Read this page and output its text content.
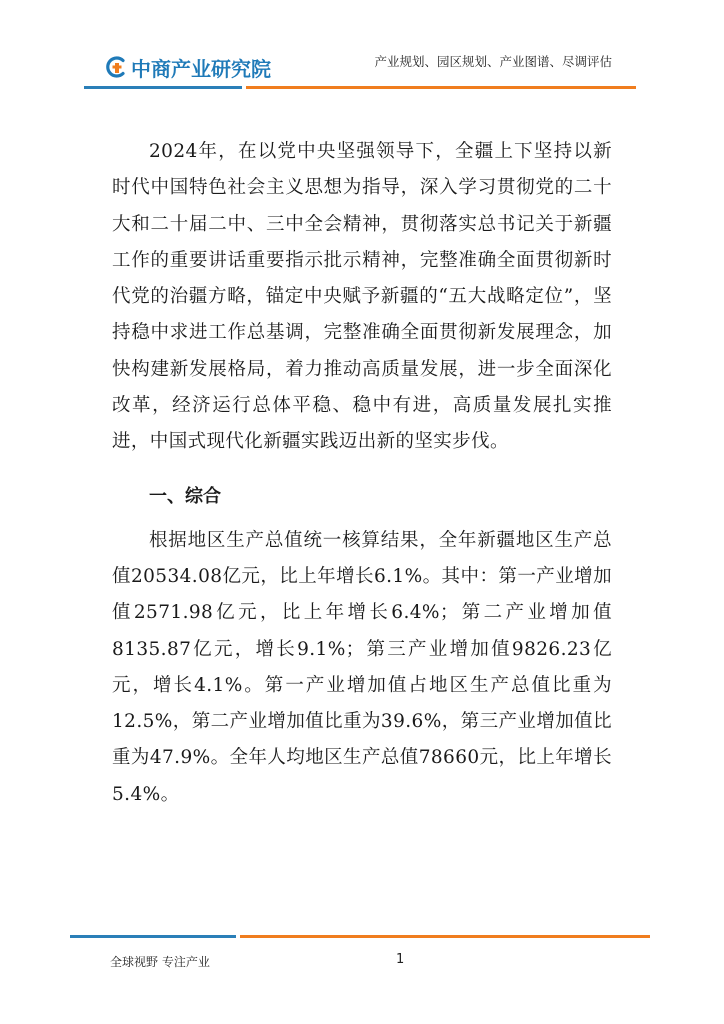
中商产业研究院	产业规划、园区规划、产业图谱、尽调评估

2024年，在以党中央坚强领导下，全疆上下坚持以新时代中国特色社会主义思想为指导，深入学习贯彻党的二十大和二十届二中、三中全会精神，贯彻落实总书记关于新疆工作的重要讲话重要指示批示精神，完整准确全面贯彻新时代党的治疆方略，锚定中央赋予新疆的“五大战略定位”，坚持稳中求进工作总基调，完整准确全面贯彻新发展理念，加快构建新发展格局，着力推动高质量发展，进一步全面深化改革，经济运行总体平稳、稳中有进，高质量发展扎实推进，中国式现代化新疆实践迈出新的坚实步伐。

一、综合

根据地区生产总值统一核算结果，全年新疆地区生产总值20534.08亿元，比上年增长6.1%。其中：第一产业增加值2571.98亿元，比上年增长6.4%；第二产业增加值8135.87亿元，增长9.1%；第三产业增加值9826.23亿元，增长4.1%。第一产业增加值占地区生产总值比重为12.5%，第二产业增加值比重为39.6%，第三产业增加值比重为47.9%。全年人均地区生产总值78660元，比上年增长5.4%。

全球视野 专注产业	1
